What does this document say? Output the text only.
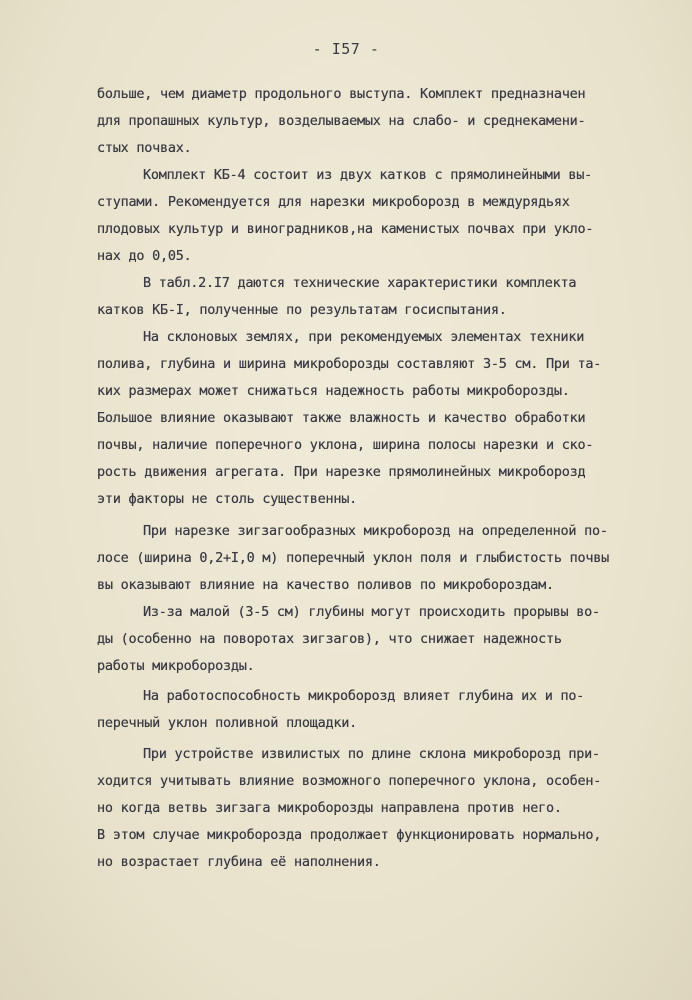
- I57 -
больше, чем диаметр продольного выступа. Комплект предназначен
для пропашных культур, возделываемых на слабо- и среднекамени-
стых почвах.
Комплект КБ-4 состоит из двух катков с прямолинейными вы-
ступами. Рекомендуется для нарезки микроборозд в междурядьях
плодовых культур и виноградников,на каменистых почвах при укло-
нах до 0,05.
В табл.2.I7 даются технические характеристики комплекта
катков КБ-I, полученные по результатам госиспытания.
На склоновых землях, при рекомендуемых элементах техники
полива, глубина и ширина микроборозды составляют 3-5 см. При та-
ких размерах может снижаться надежность работы микроборозды.
Большое влияние оказывают также влажность и качество обработки
почвы, наличие поперечного уклона, ширина полосы нарезки и ско-
рость движения агрегата. При нарезке прямолинейных микроборозд
эти факторы не столь существенны.
При нарезке зигзагообразных микроборозд на определенной по-
лосе (ширина 0,2+I,0 м) поперечный уклон поля и глыбистость почвы
вы оказывают влияние на качество поливов по микробороздам.
Из-за малой (3-5 см) глубины могут происходить прорывы во-
ды (особенно на поворотах зигзагов), что снижает надежность
работы микроборозды.
На работоспособность микроборозд влияет глубина их и по-
перечный уклон поливной площадки.
При устройстве извилистых по длине склона микроборозд при-
ходится учитывать влияние возможного поперечного уклона, особен-
но когда ветвь зигзага микроборозды направлена против него.
В этом случае микроборозда продолжает функционировать нормально,
но возрастает глубина её наполнения.
